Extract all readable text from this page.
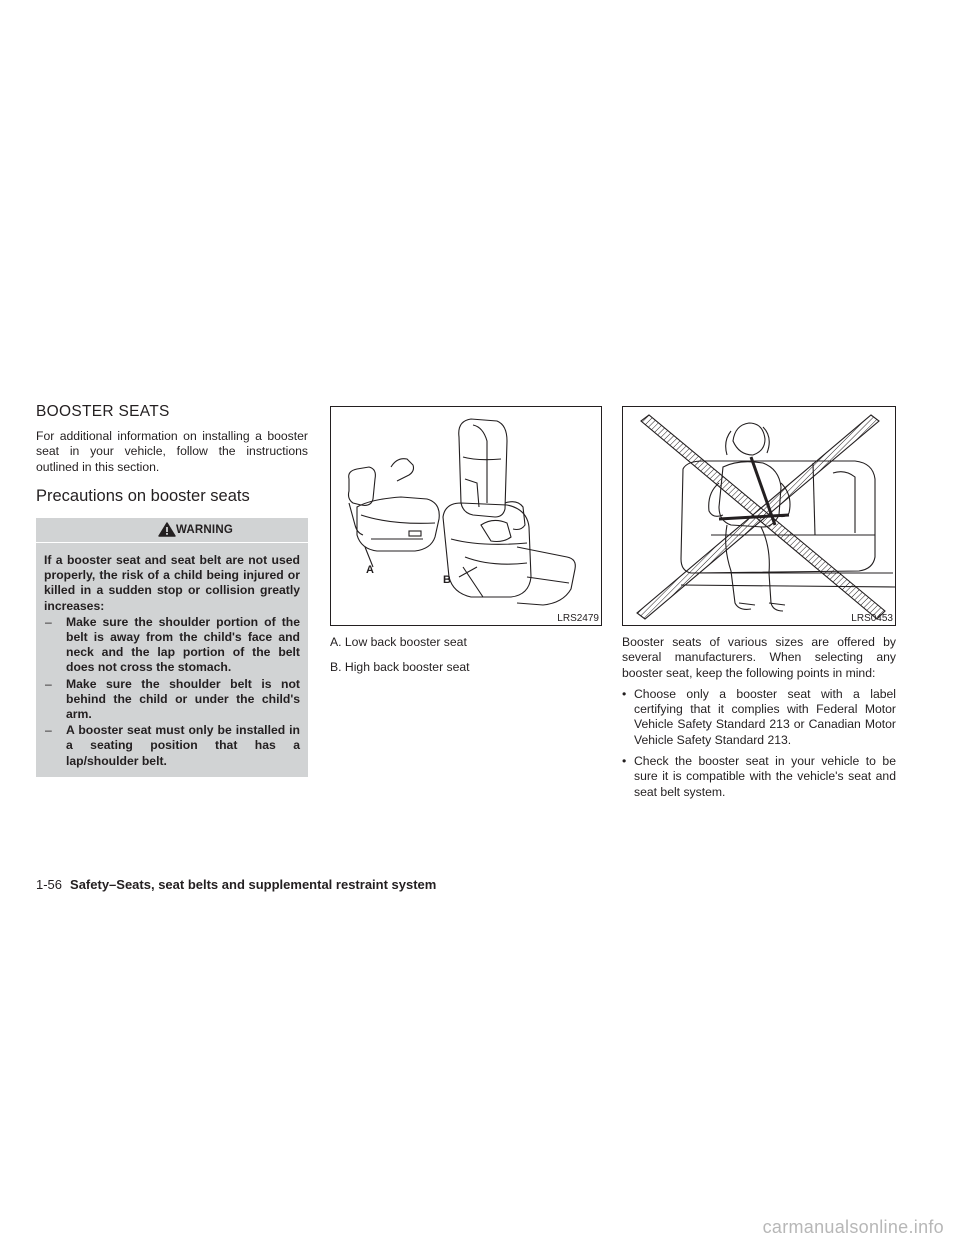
BOOSTER SEATS

For additional information on installing a booster seat in your vehicle, follow the instructions outlined in this section.

Precautions on booster seats
WARNING

If a booster seat and seat belt are not used properly, the risk of a child being injured or killed in a sudden stop or collision greatly increases:

– Make sure the shoulder portion of the belt is away from the child's face and neck and the lap portion of the belt does not cross the stomach.
– Make sure the shoulder belt is not behind the child or under the child's arm.
– A booster seat must only be installed in a seating position that has a lap/shoulder belt.
A
B
LRS2479

A. Low back booster seat

B. High back booster seat

LRS0453

Booster seats of various sizes are offered by several manufacturers. When selecting any booster seat, keep the following points in mind:

• Choose only a booster seat with a label certifying that it complies with Federal Motor Vehicle Safety Standard 213 or Canadian Motor Vehicle Safety Standard 213.
• Check the booster seat in your vehicle to be sure it is compatible with the vehicle's seat and seat belt system.
1-56 Safety–Seats, seat belts and supplemental restraint system
carmanualsonline.info
